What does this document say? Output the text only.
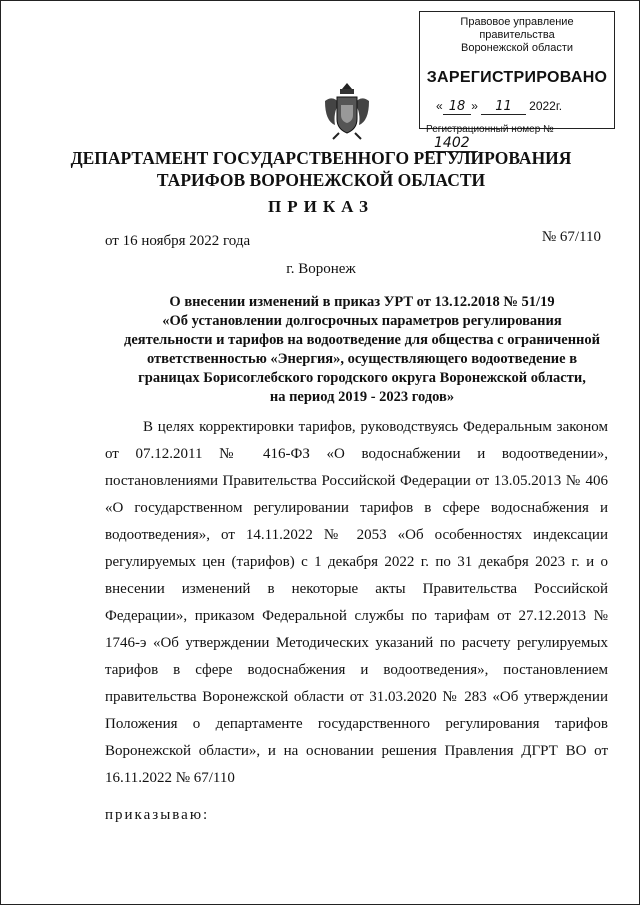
Правовое управление правительства
Воронежской области
ЗАРЕГИСТРИРОВАНО
« 18 » 11 2022г.
Регистрационный номер № 1402
ДЕПАРТАМЕНТ ГОСУДАРСТВЕННОГО РЕГУЛИРОВАНИЯ
ТАРИФОВ ВОРОНЕЖСКОЙ ОБЛАСТИ
ПРИКАЗ
от 16 ноября 2022 года	№ 67/110
г. Воронеж
О внесении изменений в приказ УРТ от 13.12.2018 № 51/19
«Об установлении долгосрочных параметров регулирования
деятельности и тарифов на водоотведение для общества с ограниченной
ответственностью «Энергия», осуществляющего водоотведение в
границах Борисоглебского городского округа Воронежской области,
на период 2019 - 2023 годов»

В целях корректировки тарифов, руководствуясь Федеральным законом от 07.12.2011 № 416-ФЗ «О водоснабжении и водоотведении», постановлениями Правительства Российской Федерации от 13.05.2013 № 406 «О государственном регулировании тарифов в сфере водоснабжения и водоотведения», от 14.11.2022 № 2053 «Об особенностях индексации регулируемых цен (тарифов) с 1 декабря 2022 г. по 31 декабря 2023 г. и о внесении изменений в некоторые акты Правительства Российской Федерации», приказом Федеральной службы по тарифам от 27.12.2013 № 1746-э «Об утверждении Методических указаний по расчету регулируемых тарифов в сфере водоснабжения и водоотведения», постановлением правительства Воронежской области от 31.03.2020 № 283 «Об утверждении Положения о департаменте государственного регулирования тарифов Воронежской области», и на основании решения Правления ДГРТ ВО от 16.11.2022 № 67/110

приказываю:
